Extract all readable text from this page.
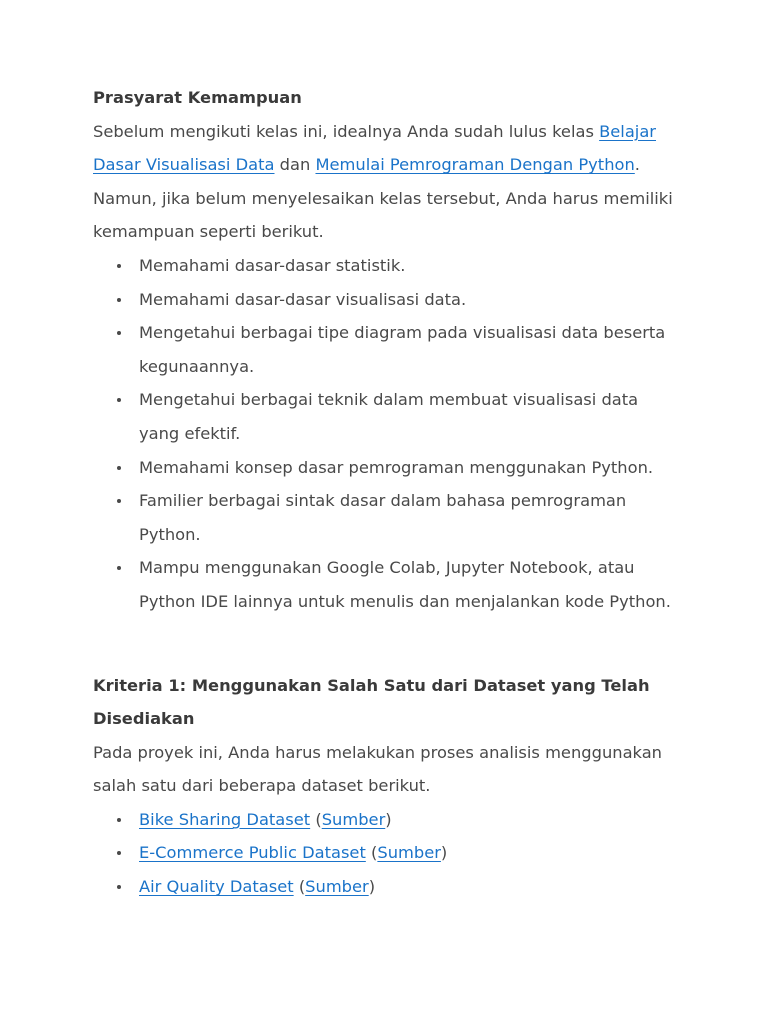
Prasyarat Kemampuan

Sebelum mengikuti kelas ini, idealnya Anda sudah lulus kelas Belajar Dasar Visualisasi Data dan Memulai Pemrograman Dengan Python. Namun, jika belum menyelesaikan kelas tersebut, Anda harus memiliki kemampuan seperti berikut.

Memahami dasar-dasar statistik.
Memahami dasar-dasar visualisasi data.
Mengetahui berbagai tipe diagram pada visualisasi data beserta kegunaannya.
Mengetahui berbagai teknik dalam membuat visualisasi data yang efektif.
Memahami konsep dasar pemrograman menggunakan Python.
Familier berbagai sintak dasar dalam bahasa pemrograman Python.
Mampu menggunakan Google Colab, Jupyter Notebook, atau Python IDE lainnya untuk menulis dan menjalankan kode Python.
Kriteria 1: Menggunakan Salah Satu dari Dataset yang Telah Disediakan

Pada proyek ini, Anda harus melakukan proses analisis menggunakan salah satu dari beberapa dataset berikut.

Bike Sharing Dataset (Sumber)
E-Commerce Public Dataset (Sumber)
Air Quality Dataset (Sumber)
